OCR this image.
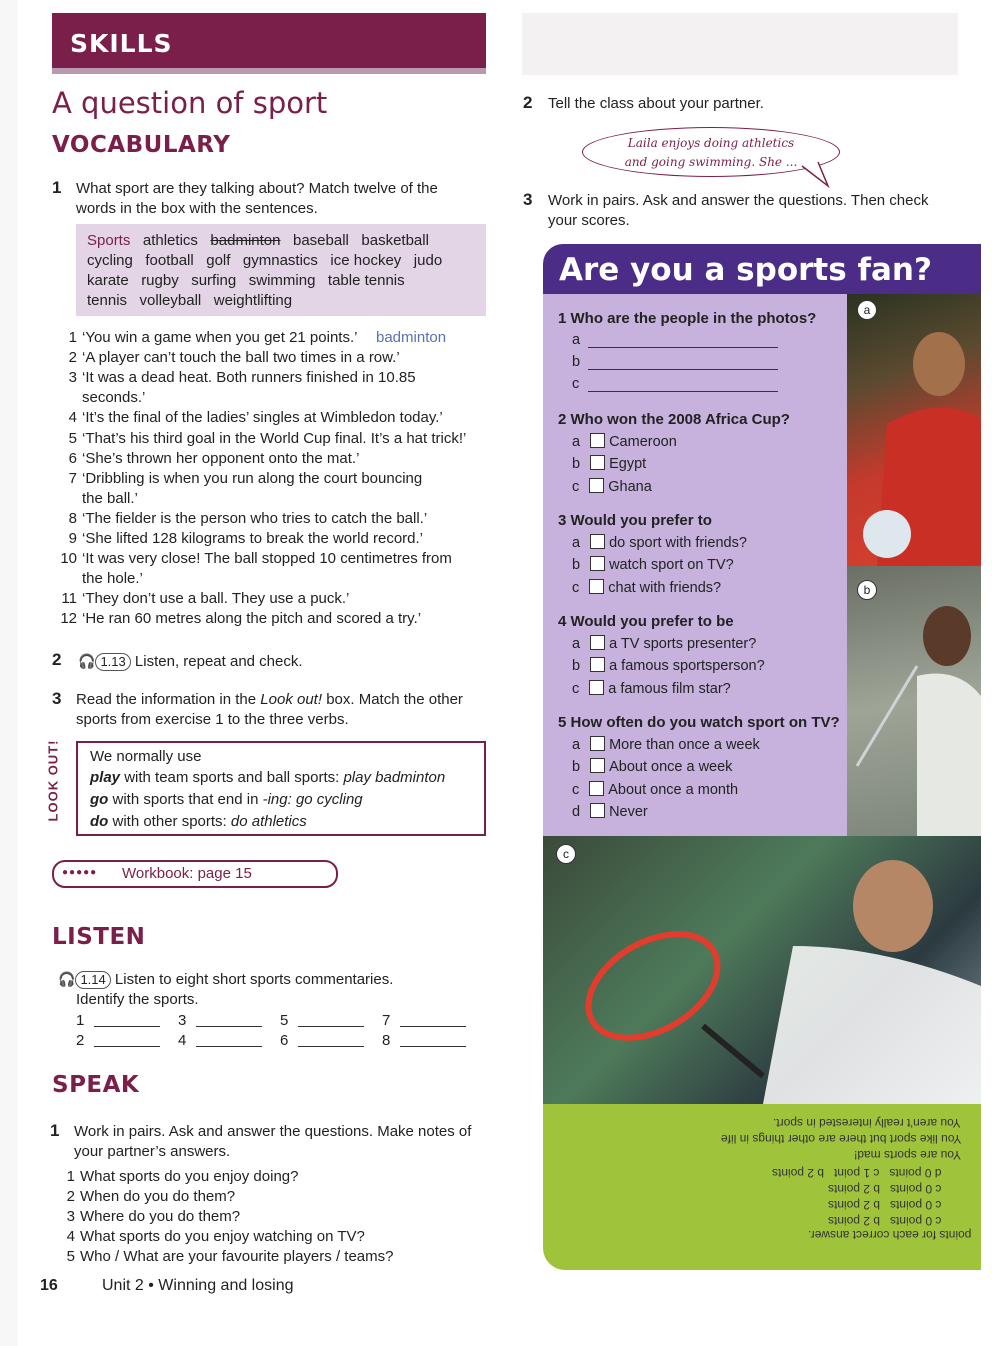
SKILLS
A question of sport
VOCABULARY
1 What sport are they talking about? Match twelve of the
words in the box with the sentences.
Sports athletics badminton baseball   basketball
cycling   football   golf   gymnastics   ice hockey   judo
karate   rugby   surfing   swimming   table tennis
tennis   volleyball   weightlifting
1 ‘You win a game when you get 21 points.’ badminton
2 ‘A player can’t touch the ball two times in a row.’
3 ‘It was a dead heat. Both runners finished in 10.85
seconds.’
4 ‘It’s the final of the ladies’ singles at Wimbledon today.’
5 ‘That’s his third goal in the World Cup final. It’s a hat trick!’
6 ‘She’s thrown her opponent onto the mat.’
7 ‘Dribbling is when you run along the court bouncing
the ball.’
8 ‘The fielder is the person who tries to catch the ball.’
9 ‘She lifted 128 kilograms to break the world record.’
10 ‘It was very close! The ball stopped 10 centimetres from
the hole.’
11 ‘They don’t use a ball. They use a puck.’
12 ‘He ran 60 metres along the pitch and scored a try.’
2 🎧 1.13 Listen, repeat and check.
3 Read the information in the Look out! box. Match the other
sports from exercise 1 to the three verbs.
LOOK OUT! We normally use
play with team sports and ball sports: play badminton
go with sports that end in -ing: go cycling
do with other sports: do athletics
●●●●● Workbook: page 15
LISTEN
🎧 1.14 Listen to eight short sports commentaries.
Identify the sports.
1
2
3
4
5
6
7
8
SPEAK
1 Work in pairs. Ask and answer the questions. Make notes of
your partner’s answers.
1 What sports do you enjoy doing?
2 When do you do them?
3 Where do you do them?
4 What sports do you enjoy watching on TV?
5 Who / What are your favourite players / teams?
16	Unit 2 • Winning and losing
2 Tell the class about your partner.
Laila enjoys doing athletics
and going swimming. She ...
3 Work in pairs. Ask and answer the questions. Then check
your scores.
Are you a sports fan?
1 Who are the people in the photos?
a
b
c
2 Who won the 2008 Africa Cup?
3 Would you prefer to
4 Would you prefer to be
5 How often do you watch sport on TV?
a Cameroon
b Egypt
c Ghana
a do sport with friends?
b watch sport on TV?
c chat with friends?
a a TV sports presenter?
b a famous sportsperson?
c a famous film star?
a More than once a week
b About once a week
c About once a month
d Never
a
b
c
You aren’t really interested in sport.
You like sport but there are other things in life
You are sports mad!
d 0 points   c 1 point   b 2 points
c 0 points   b 2 points
c 0 points   b 2 points
c 0 points   b 2 points
points for each correct answer.
